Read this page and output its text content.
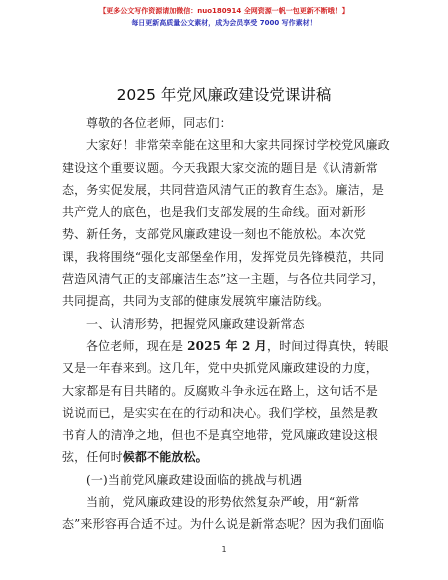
【更多公文写作资源请加微信：nuo180914 全网资源一帆一包更新不断哦！】
每日更新高质量公文素材，成为会员享受 7000 写作素材！
2025 年党风廉政建设党课讲稿

尊敬的各位老师，同志们：

大家好！非常荣幸能在这里和大家共同探讨学校党风廉政建设这个重要议题。今天我跟大家交流的题目是《认清新常态，务实促发展，共同营造风清气正的教育生态》。廉洁，是共产党人的底色，也是我们支部发展的生命线。面对新形势、新任务，支部党风廉政建设一刻也不能放松。本次党课，我将围绕“强化支部堡垒作用，发挥党员先锋模范，共同营造风清气正的支部廉洁生态”这一主题，与各位共同学习，共同提高，共同为支部的健康发展筑牢廉洁防线。

一、认清形势，把握党风廉政建设新常态

各位老师，现在是 2025 年 2 月，时间过得真快，转眼又是一年春来到。这几年，党中央抓党风廉政建设的力度，大家都是有目共睹的。反腐败斗争永远在路上，这句话不是说说而已，是实实在在的行动和决心。我们学校，虽然是教书育人的清净之地，但也不是真空地带，党风廉政建设这根弦，任何时候都不能放松。

(一)当前党风廉政建设面临的挑战与机遇

当前，党风廉政建设的形势依然复杂严峻，用“新常态”来形容再合适不过。为什么说是新常态呢？因为我们面临

1
